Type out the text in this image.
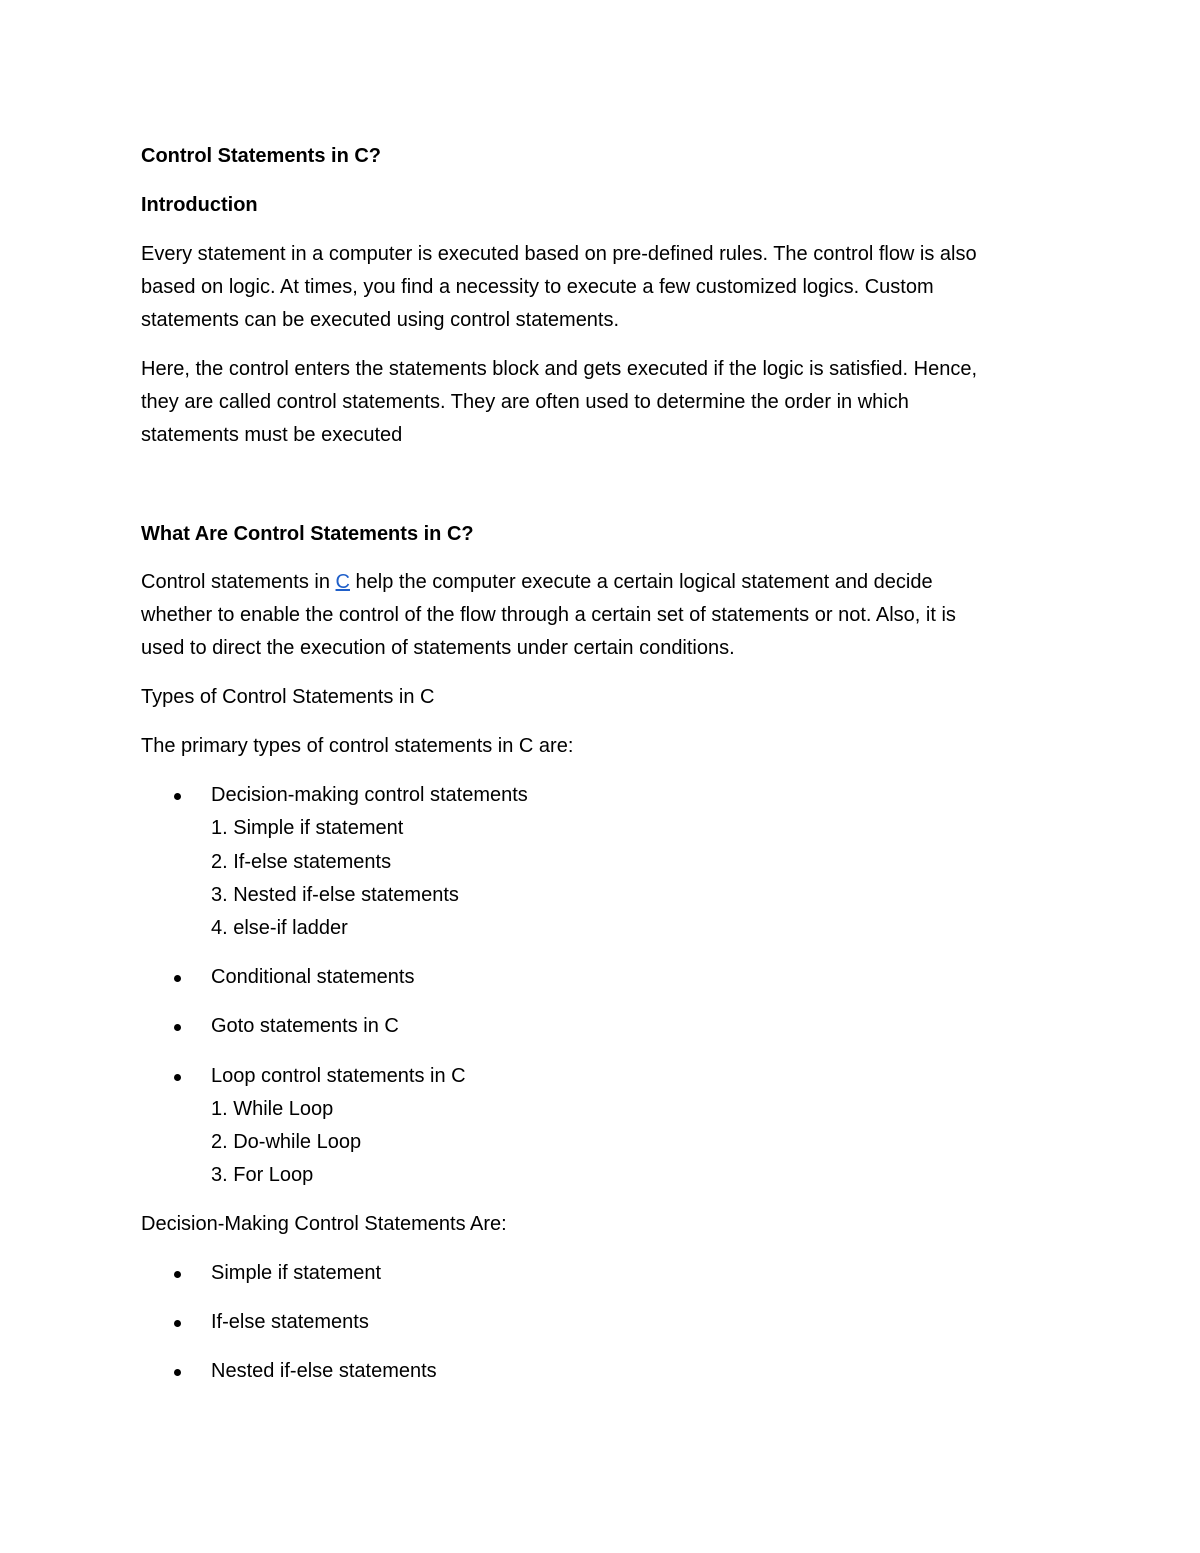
Control Statements in C?

Introduction

Every statement in a computer is executed based on pre-defined rules. The control flow is also

based on logic. At times, you find a necessity to execute a few customized logics. Custom

statements can be executed using control statements.

Here, the control enters the statements block and gets executed if the logic is satisfied. Hence,

they are called control statements. They are often used to determine the order in which

statements must be executed

What Are Control Statements in C?

Control statements in C help the computer execute a certain logical statement and decide

whether to enable the control of the flow through a certain set of statements or not. Also, it is

used to direct the execution of statements under certain conditions.

Types of Control Statements in C

The primary types of control statements in C are:

Decision-making control statements
1. Simple if statement
2. If-else statements
3. Nested if-else statements
4. else-if ladder
Conditional statements
Goto statements in C
Loop control statements in C
1. While Loop
2. Do-while Loop
3. For Loop

Decision-Making Control Statements Are:

Simple if statement
If-else statements
Nested if-else statements
